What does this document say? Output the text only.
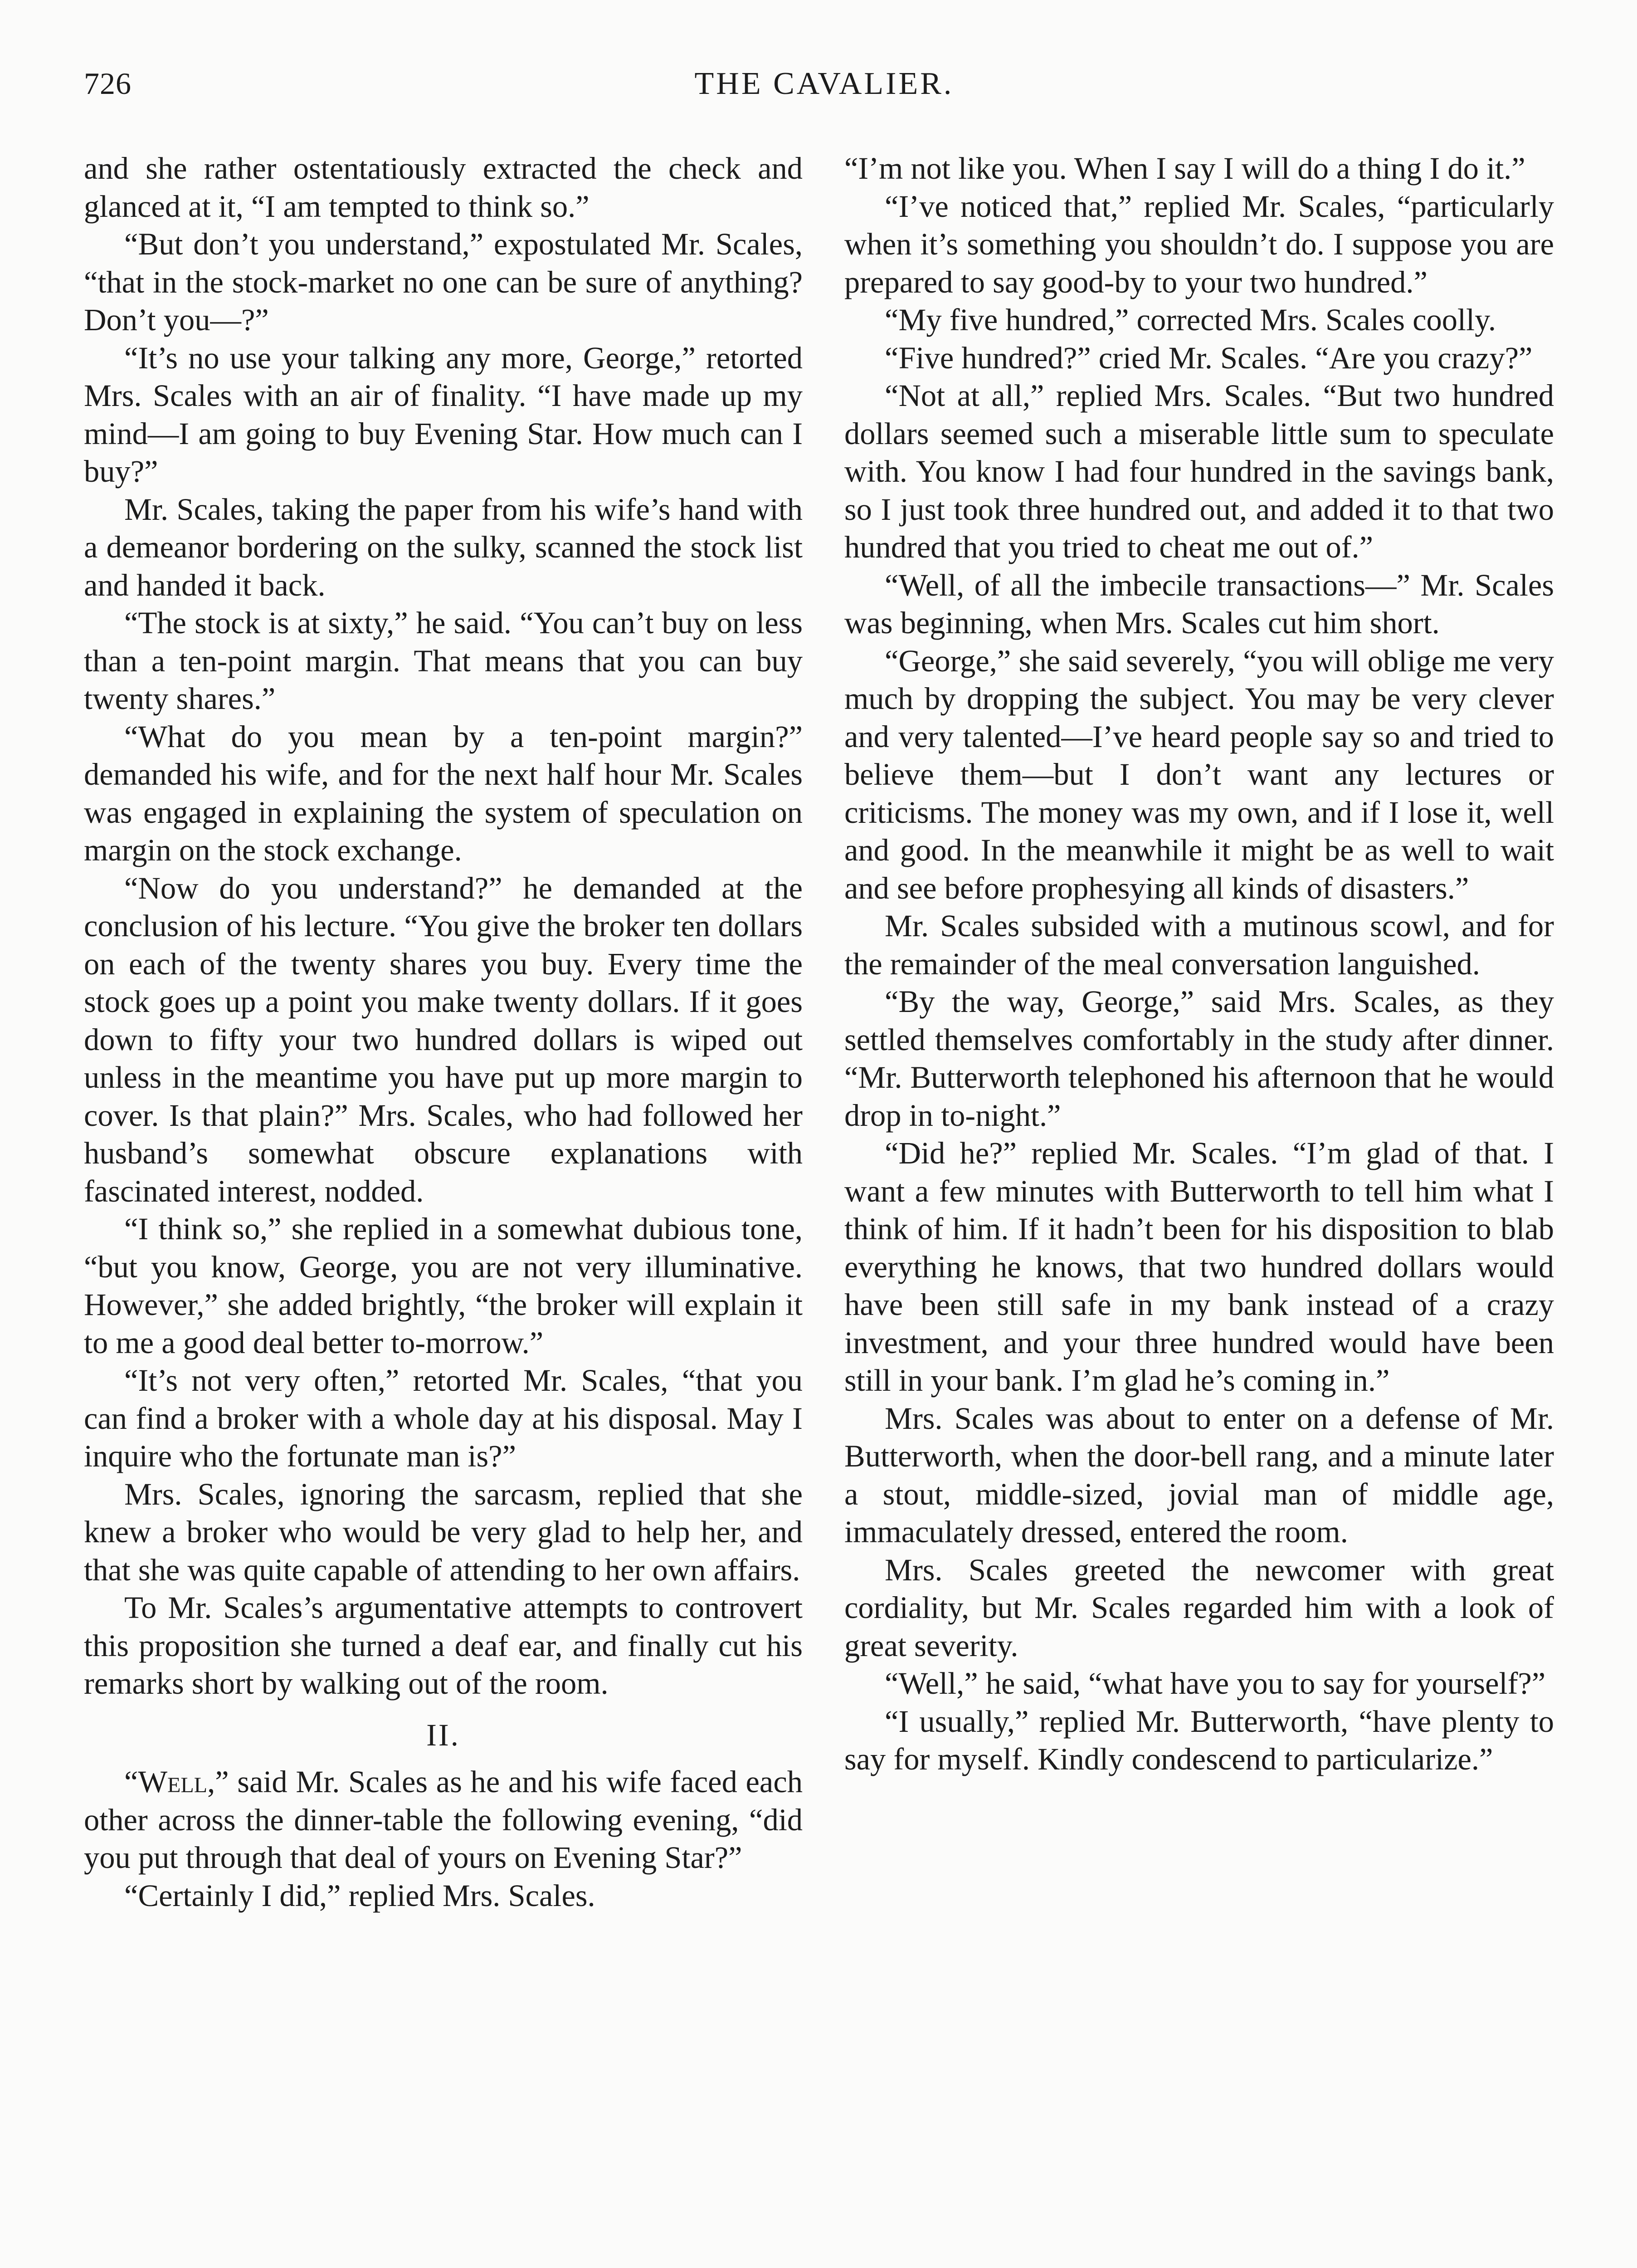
726	THE CAVALIER.

and she rather ostentatiously extracted the check and glanced at it, “I am tempted to think so.”

“But don’t you understand,” expostulated Mr. Scales, “that in the stock-market no one can be sure of anything? Don’t you—?”

“It’s no use your talking any more, George,” retorted Mrs. Scales with an air of finality. “I have made up my mind—I am going to buy Evening Star. How much can I buy?”

Mr. Scales, taking the paper from his wife’s hand with a demeanor bordering on the sulky, scanned the stock list and handed it back.

“The stock is at sixty,” he said. “You can’t buy on less than a ten-point margin. That means that you can buy twenty shares.”

“What do you mean by a ten-point margin?” demanded his wife, and for the next half hour Mr. Scales was engaged in explaining the system of speculation on margin on the stock exchange.

“Now do you understand?” he demanded at the conclusion of his lecture. “You give the broker ten dollars on each of the twenty shares you buy. Every time the stock goes up a point you make twenty dollars. If it goes down to fifty your two hundred dollars is wiped out unless in the meantime you have put up more margin to cover. Is that plain?” Mrs. Scales, who had followed her husband’s somewhat obscure explanations with fascinated interest, nodded.

“I think so,” she replied in a somewhat dubious tone, “but you know, George, you are not very illuminative. However,” she added brightly, “the broker will explain it to me a good deal better to-morrow.”

“It’s not very often,” retorted Mr. Scales, “that you can find a broker with a whole day at his disposal. May I inquire who the fortunate man is?”

Mrs. Scales, ignoring the sarcasm, replied that she knew a broker who would be very glad to help her, and that she was quite capable of attending to her own affairs.

To Mr. Scales’s argumentative attempts to controvert this proposition she turned a deaf ear, and finally cut his remarks short by walking out of the room.

II.

“Well,” said Mr. Scales as he and his wife faced each other across the dinner-table the following evening, “did you put through that deal of yours on Evening Star?”

“Certainly I did,” replied Mrs. Scales.

“I’m not like you. When I say I will do a thing I do it.”

“I’ve noticed that,” replied Mr. Scales, “particularly when it’s something you shouldn’t do. I suppose you are prepared to say good-by to your two hundred.”

“My five hundred,” corrected Mrs. Scales coolly.

“Five hundred?” cried Mr. Scales. “Are you crazy?”

“Not at all,” replied Mrs. Scales. “But two hundred dollars seemed such a miserable little sum to speculate with. You know I had four hundred in the savings bank, so I just took three hundred out, and added it to that two hundred that you tried to cheat me out of.”

“Well, of all the imbecile transactions—” Mr. Scales was beginning, when Mrs. Scales cut him short.

“George,” she said severely, “you will oblige me very much by dropping the subject. You may be very clever and very talented—I’ve heard people say so and tried to believe them—but I don’t want any lectures or criticisms. The money was my own, and if I lose it, well and good. In the meanwhile it might be as well to wait and see before prophesying all kinds of disasters.”

Mr. Scales subsided with a mutinous scowl, and for the remainder of the meal conversation languished.

“By the way, George,” said Mrs. Scales, as they settled themselves comfortably in the study after dinner. “Mr. Butterworth telephoned his afternoon that he would drop in to-night.”

“Did he?” replied Mr. Scales. “I’m glad of that. I want a few minutes with Butterworth to tell him what I think of him. If it hadn’t been for his disposition to blab everything he knows, that two hundred dollars would have been still safe in my bank instead of a crazy investment, and your three hundred would have been still in your bank. I’m glad he’s coming in.”

Mrs. Scales was about to enter on a defense of Mr. Butterworth, when the door-bell rang, and a minute later a stout, middle-sized, jovial man of middle age, immaculately dressed, entered the room.

Mrs. Scales greeted the newcomer with great cordiality, but Mr. Scales regarded him with a look of great severity.

“Well,” he said, “what have you to say for yourself?”

“I usually,” replied Mr. Butterworth, “have plenty to say for myself. Kindly condescend to particularize.”
